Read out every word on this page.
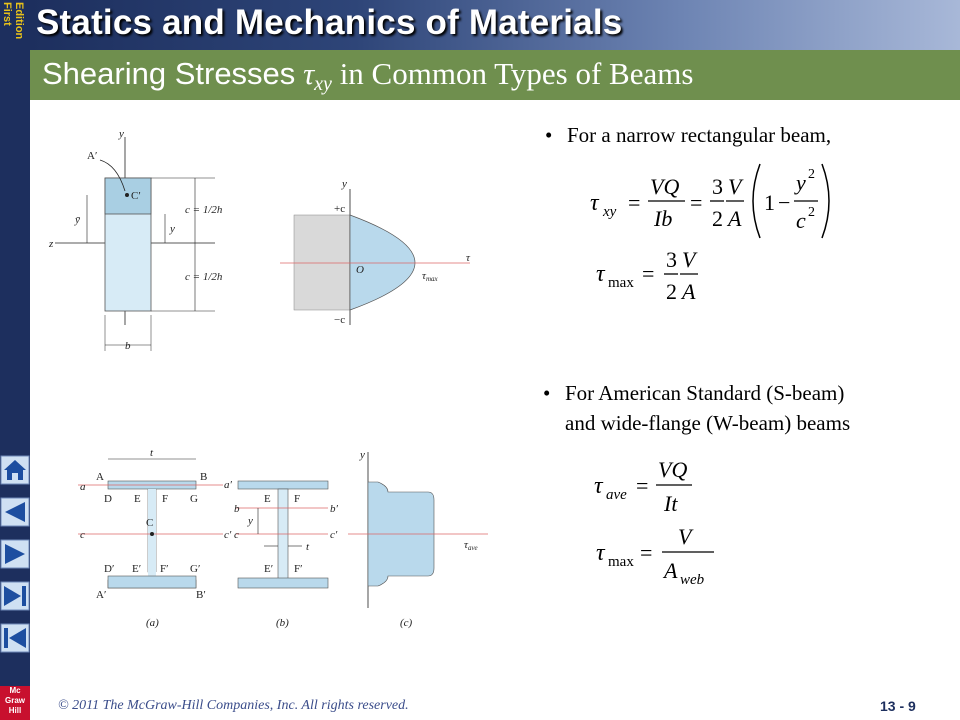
First Edition
Mc
Graw
Hill
Statics and Mechanics of Materials
Shearing Stresses $\tau_{xy}$ in Common Types of Beams
• For a narrow rectangular beam,
• For American Standard (S-beam)
and wide-flange (W-beam) beams
τ xy =
VQ
Ib
=
3
2
V
A
1 −
y 2
c 2
τ max =
3
2
V
A
τ ave =
VQ
It
τ max =
V
A web
y
z
A′
C′
ȳ
y
c = 1/2h
c = 1/2h
b
y
+c
−c
O
τ
τmax
t
A	B
a	a′
D E F G
C
c	c′
D′ E′ F′ G′
A′	B′
(a)
E F
b	b′
y
c	c′
t
E′ F′
(b)
y
τave
(c)
© 2011 The McGraw-Hill Companies, Inc. All rights reserved.	13 - 9
